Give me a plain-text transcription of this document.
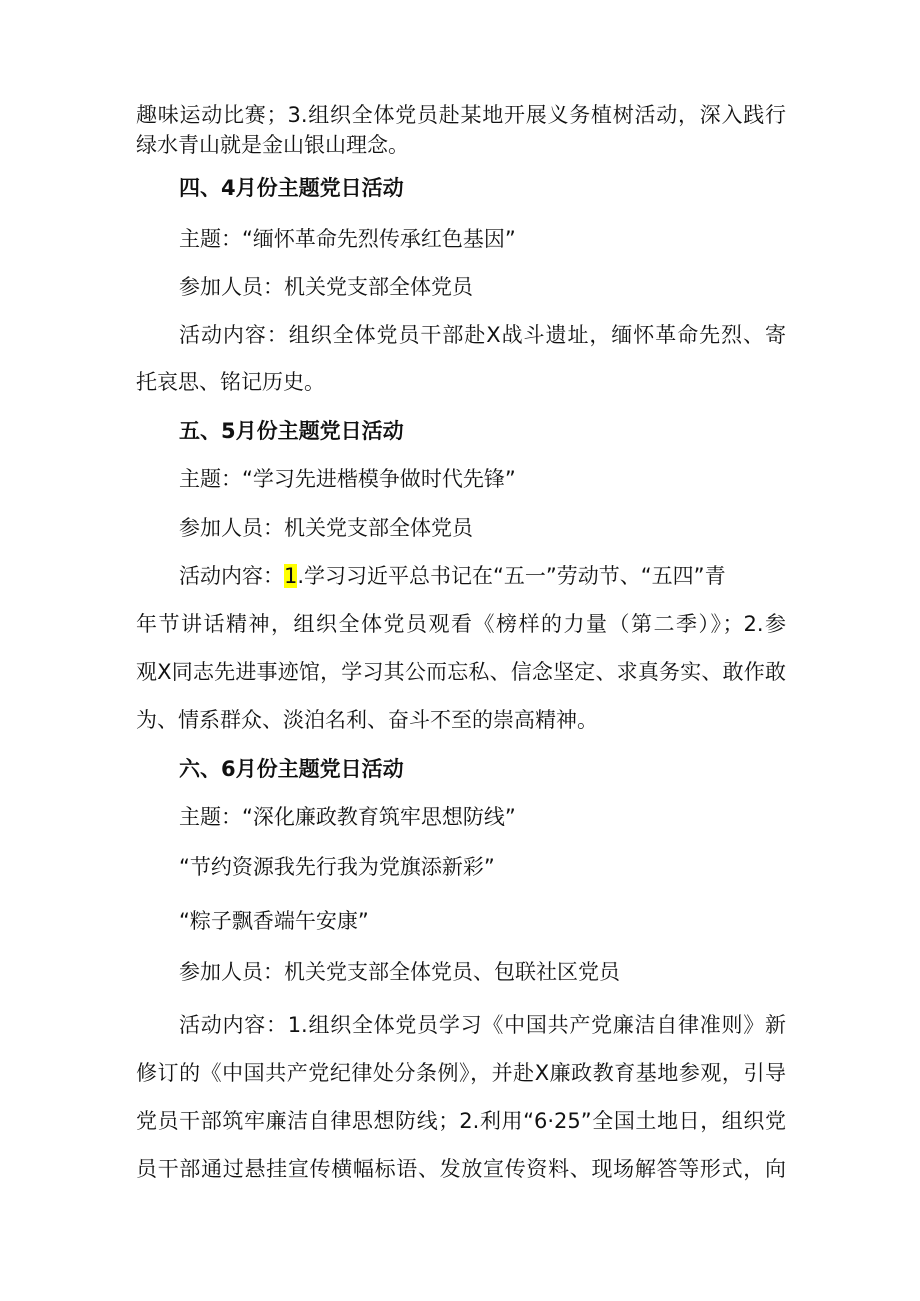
趣味运动比赛；3.组织全体党员赴某地开展义务植树活动，深入践行
绿水青山就是金山银山理念。
四、4月份主题党日活动
主题：“缅怀革命先烈传承红色基因”
参加人员：机关党支部全体党员
活动内容：组织全体党员干部赴X战斗遗址，缅怀革命先烈、寄
托哀思、铭记历史。
五、5月份主题党日活动
主题：“学习先进楷模争做时代先锋”
参加人员：机关党支部全体党员
活动内容：1.学习习近平总书记在“五一”劳动节、“五四”青
年节讲话精神，组织全体党员观看《榜样的力量（第二季）》；2.参
观X同志先进事迹馆，学习其公而忘私、信念坚定、求真务实、敢作敢
为、情系群众、淡泊名利、奋斗不至的崇高精神。
六、6月份主题党日活动
主题：“深化廉政教育筑牢思想防线”
“节约资源我先行我为党旗添新彩”
“粽子飘香端午安康”
参加人员：机关党支部全体党员、包联社区党员
活动内容：1.组织全体党员学习《中国共产党廉洁自律准则》新
修订的《中国共产党纪律处分条例》，并赴X廉政教育基地参观，引导
党员干部筑牢廉洁自律思想防线；2.利用“6·25”全国土地日，组织党
员干部通过悬挂宣传横幅标语、发放宣传资料、现场解答等形式，向
